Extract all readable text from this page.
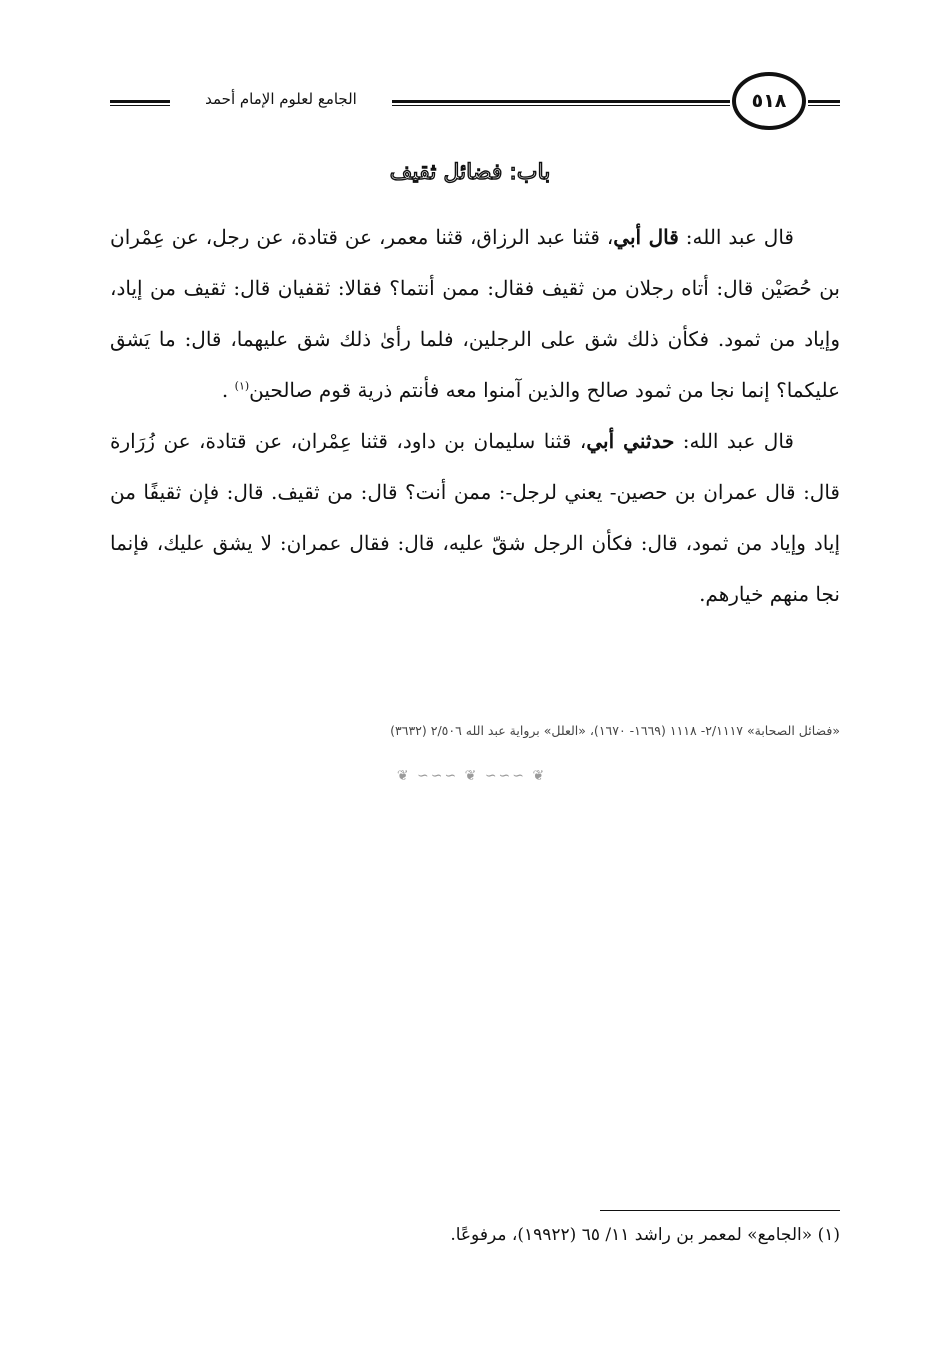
الجامع لعلوم الإمام أحمد	٥١٨
باب: فضائل ثقيف

قال عبد الله: قال أبي، قثنا عبد الرزاق، قثنا معمر، عن قتادة، عن رجل، عن عِمْران بن حُصَيْن قال: أتاه رجلان من ثقيف فقال: ممن أنتما؟ فقالا: ثقفيان قال: ثقيف من إياد، وإياد من ثمود. فكأن ذلك شق على الرجلين، فلما رأىٰ ذلك شق عليهما، قال: ما يَشق عليكما؟ إنما نجا من ثمود صالح والذين آمنوا معه فأنتم ذرية قوم صالحين$^{(١)}$ .

قال عبد الله: حدثني أبي، قثنا سليمان بن داود، قثنا عِمْران، عن قتادة، عن زُرَارة قال: قال عمران بن حصين- يعني لرجل-: ممن أنت؟ قال: من ثقيف. قال: فإن ثقيفًا من إياد وإياد من ثمود، قال: فكأن الرجل شقّ عليه، قال: فقال عمران: لا يشق عليك، فإنما نجا منهم خيارهم.

«فضائل الصحابة» ٢/١١١٧- ١١١٨ (١٦٦٩- ١٦٧٠)، «العلل» برواية عبد الله ٢/٥٠٦ (٣٦٣٢)
❦ ∽∽∽ ❦ ∽∽∽ ❦
(١) «الجامع» لمعمر بن راشد ١١/ ٦٥ (١٩٩٢٢)، مرفوعًا.
